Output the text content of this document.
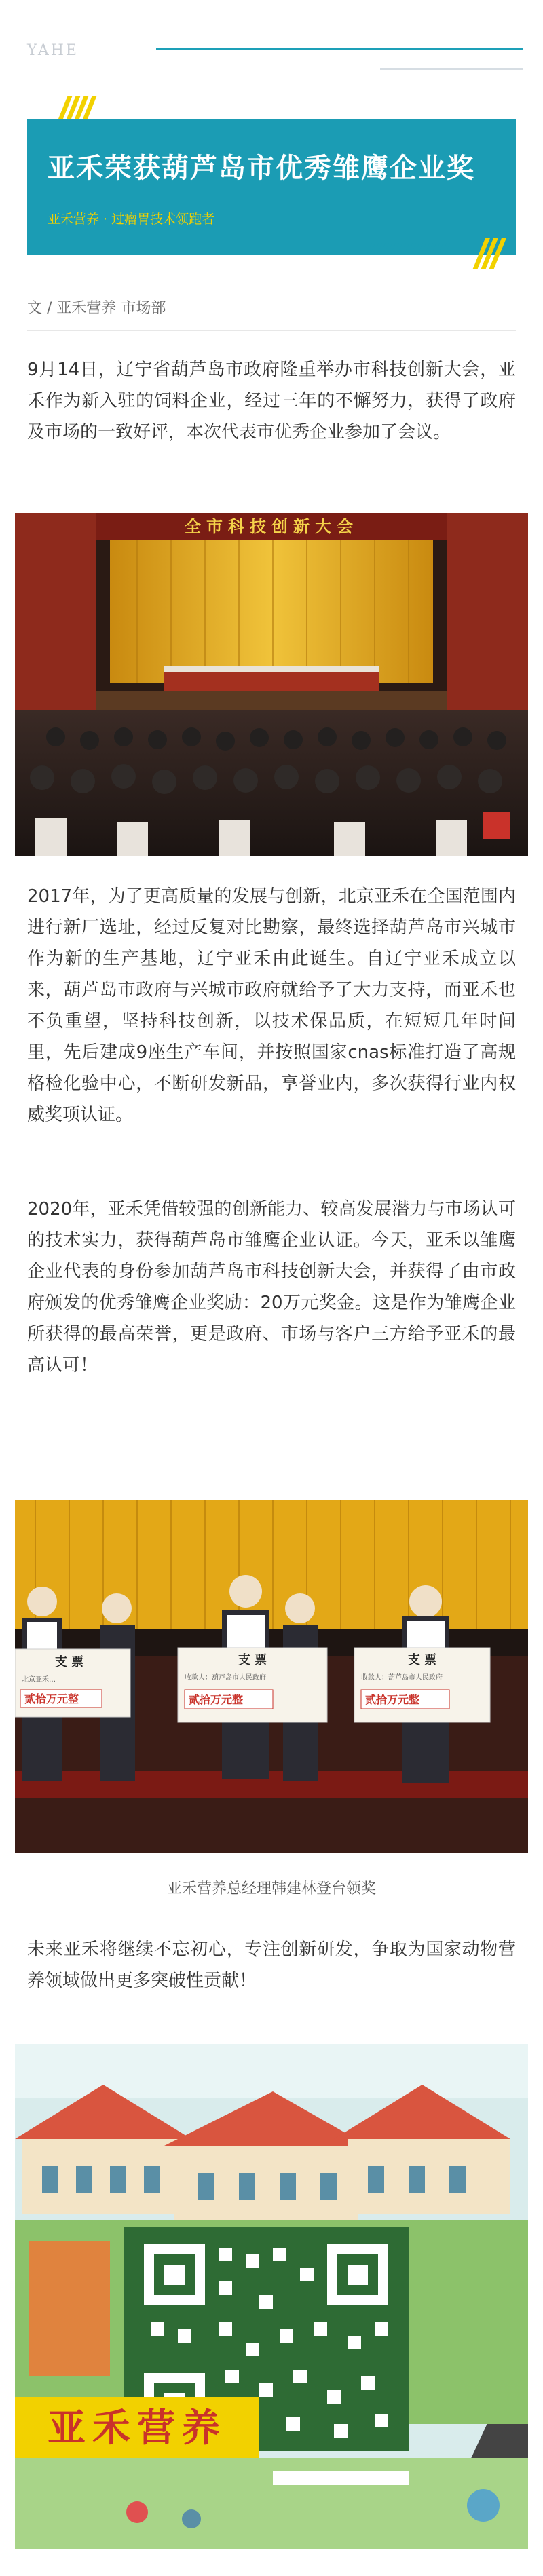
YAHE
亚禾荣获葫芦岛市优秀雏鹰企业奖
亚禾营养 · 过瘤胃技术领跑者
文 / 亚禾营养 市场部
9月14日，辽宁省葫芦岛市政府隆重举办市科技创新大会，亚禾作为新入驻的饲料企业，经过三年的不懈努力，获得了政府及市场的一致好评，本次代表市优秀企业参加了会议。
全市科技创新大会
2017年，为了更高质量的发展与创新，北京亚禾在全国范围内进行新厂选址，经过反复对比勘察，最终选择葫芦岛市兴城市作为新的生产基地，辽宁亚禾由此诞生。自辽宁亚禾成立以来，葫芦岛市政府与兴城市政府就给予了大力支持，而亚禾也不负重望，坚持科技创新，以技术保品质，在短短几年时间里，先后建成9座生产车间，并按照国家cnas标准打造了高规格检化验中心，不断研发新品，享誉业内，多次获得行业内权威奖项认证。
2020年，亚禾凭借较强的创新能力、较高发展潜力与市场认可的技术实力，获得葫芦岛市雏鹰企业认证。今天，亚禾以雏鹰企业代表的身份参加葫芦岛市科技创新大会，并获得了由市政府颁发的优秀雏鹰企业奖励：20万元奖金。这是作为雏鹰企业所获得的最高荣誉，更是政府、市场与客户三方给予亚禾的最高认可！
支 票
北京亚禾…
贰拾万元整
支 票
收款人：葫芦岛市人民政府
贰拾万元整
支 票
收款人：葫芦岛市人民政府
贰拾万元整
亚禾营养总经理韩建林登台领奖
未来亚禾将继续不忘初心，专注创新研发，争取为国家动物营养领域做出更多突破性贡献！
亚禾营养
